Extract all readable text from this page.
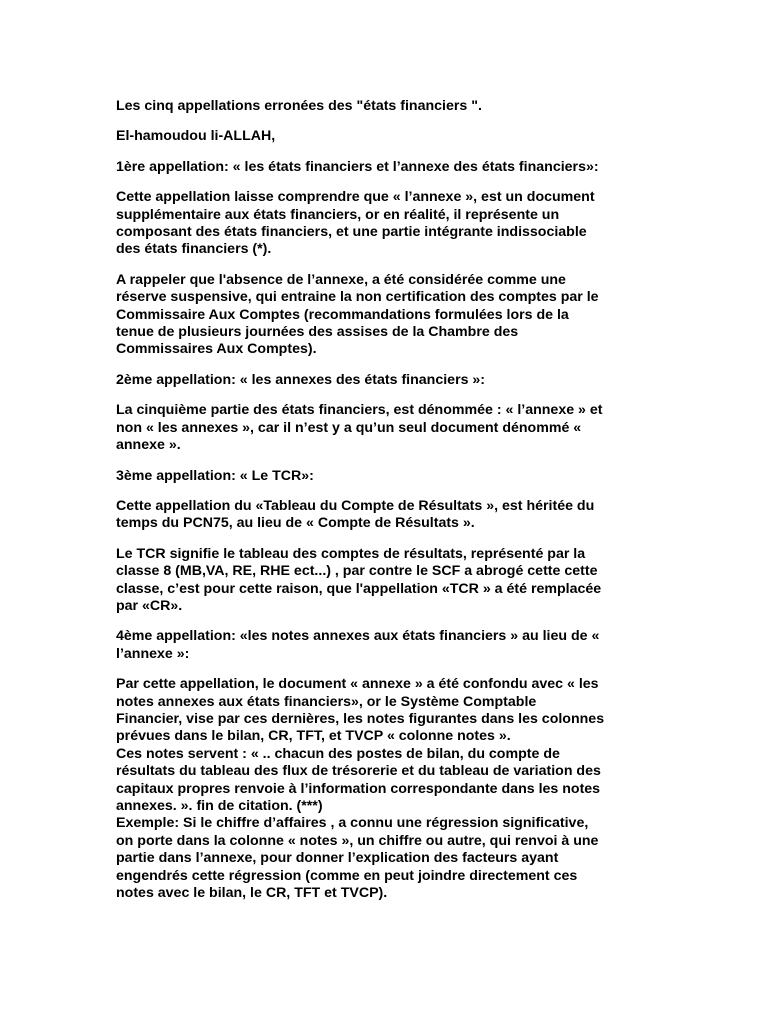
Les cinq appellations erronées des "états financiers ".

El-hamoudou li-ALLAH,

1ère appellation: « les états financiers et l’annexe des états financiers»:

Cette appellation laisse comprendre que « l’annexe », est un document
supplémentaire aux états financiers, or en réalité, il représente un
composant des états financiers, et une partie intégrante indissociable
des états financiers (*).

A rappeler que l'absence de l’annexe, a été considérée comme une
réserve suspensive, qui entraine la non certification des comptes par le
Commissaire Aux Comptes (recommandations formulées lors de la
tenue de plusieurs journées des assises de la Chambre des
Commissaires Aux Comptes).

2ème appellation: « les annexes des états financiers »:

La cinquième partie des états financiers, est dénommée : « l’annexe » et
non « les annexes », car il n’est y a qu’un seul document dénommé «
annexe ».

3ème appellation: « Le TCR»:

Cette appellation du «Tableau du Compte de Résultats », est héritée du
temps du PCN75, au lieu de « Compte de Résultats ».

Le TCR signifie le tableau des comptes de résultats, représenté par la
classe 8 (MB,VA, RE, RHE ect...) , par contre le SCF a abrogé cette cette
classe, c’est pour cette raison, que l'appellation «TCR » a été remplacée
par «CR».

4ème appellation: «les notes annexes aux états financiers » au lieu de «
l’annexe »:

Par cette appellation, le document « annexe » a été confondu avec « les
notes annexes aux états financiers», or le Système Comptable
Financier, vise par ces dernières, les notes figurantes dans les colonnes
prévues dans le bilan, CR, TFT, et TVCP « colonne notes ».

Ces notes servent : « .. chacun des postes de bilan, du compte de
résultats du tableau des flux de trésorerie et du tableau de variation des
capitaux propres renvoie à l’information correspondante dans les notes
annexes. ». fin de citation. (***)

Exemple: Si le chiffre d’affaires , a connu une régression significative,
on porte dans la colonne « notes », un chiffre ou autre, qui renvoi à une
partie dans l’annexe, pour donner l’explication des facteurs ayant
engendrés cette régression (comme en peut joindre directement ces
notes avec le bilan, le CR, TFT et TVCP).
